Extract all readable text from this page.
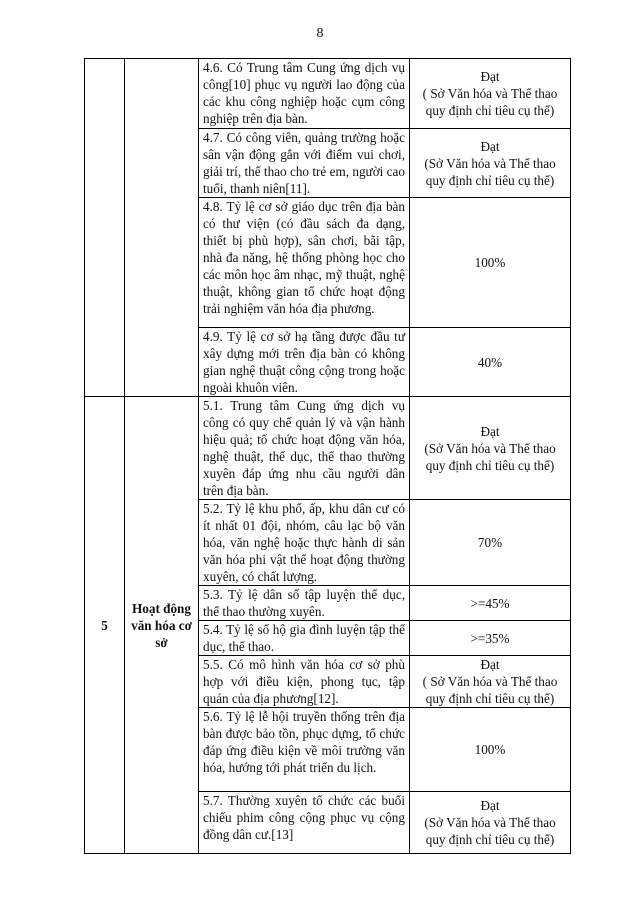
8
		4.6. Có Trung tâm Cung ứng dịch vụ công[10] phục vụ người lao động của các khu công nghiệp hoặc cụm công nghiệp trên địa bàn.	Đạt
( Sở Văn hóa và Thể thao quy định chỉ tiêu cụ thể)

		4.7. Có công viên, quảng trường hoặc sân vận động gắn với điểm vui chơi, giải trí, thể thao cho trẻ em, người cao tuổi, thanh niên[11].	Đạt
(Sở Văn hóa và Thể thao quy định chỉ tiêu cụ thể)

		4.8. Tỷ lệ cơ sở giáo dục trên địa bàn có thư viện (có đầu sách đa dạng, thiết bị phù hợp), sân chơi, bãi tập, nhà đa năng, hệ thống phòng học cho các môn học âm nhạc, mỹ thuật, nghệ thuật, không gian tổ chức hoạt động trải nghiệm văn hóa địa phương.	100%

		4.9. Tỷ lệ cơ sở hạ tầng được đầu tư xây dựng mới trên địa bàn có không gian nghệ thuật công cộng trong hoặc ngoài khuôn viên.	40%

5	Hoạt động văn hóa cơ sở	5.1. Trung tâm Cung ứng dịch vụ công có quy chế quản lý và vận hành hiệu quả; tổ chức hoạt động văn hóa, nghệ thuật, thể dục, thể thao thường xuyên đáp ứng nhu cầu người dân trên địa bàn.	Đạt
(Sở Văn hóa và Thể thao quy định chỉ tiêu cụ thể)

		5.2. Tỷ lệ khu phố, ấp, khu dân cư có ít nhất 01 đội, nhóm, câu lạc bộ văn hóa, văn nghệ hoặc thực hành di sản văn hóa phi vật thể hoạt động thường xuyên, có chất lượng.	70%

		5.3. Tỷ lệ dân số tập luyện thể dục, thể thao thường xuyên.	>=45%

		5.4. Tỷ lệ số hộ gia đình luyện tập thể dục, thể thao.	>=35%

		5.5. Có mô hình văn hóa cơ sở phù hợp với điều kiện, phong tục, tập quán của địa phương[12].	Đạt
( Sở Văn hóa và Thể thao quy định chỉ tiêu cụ thể)

		5.6. Tỷ lệ lễ hội truyền thống trên địa bàn được bảo tồn, phục dựng, tổ chức đáp ứng điều kiện về môi trường văn hóa, hướng tới phát triển du lịch.	100%

		5.7. Thường xuyên tổ chức các buổi chiếu phim công cộng phục vụ cộng đồng dân cư.[13]	Đạt
(Sở Văn hóa và Thể thao quy định chỉ tiêu cụ thể)
